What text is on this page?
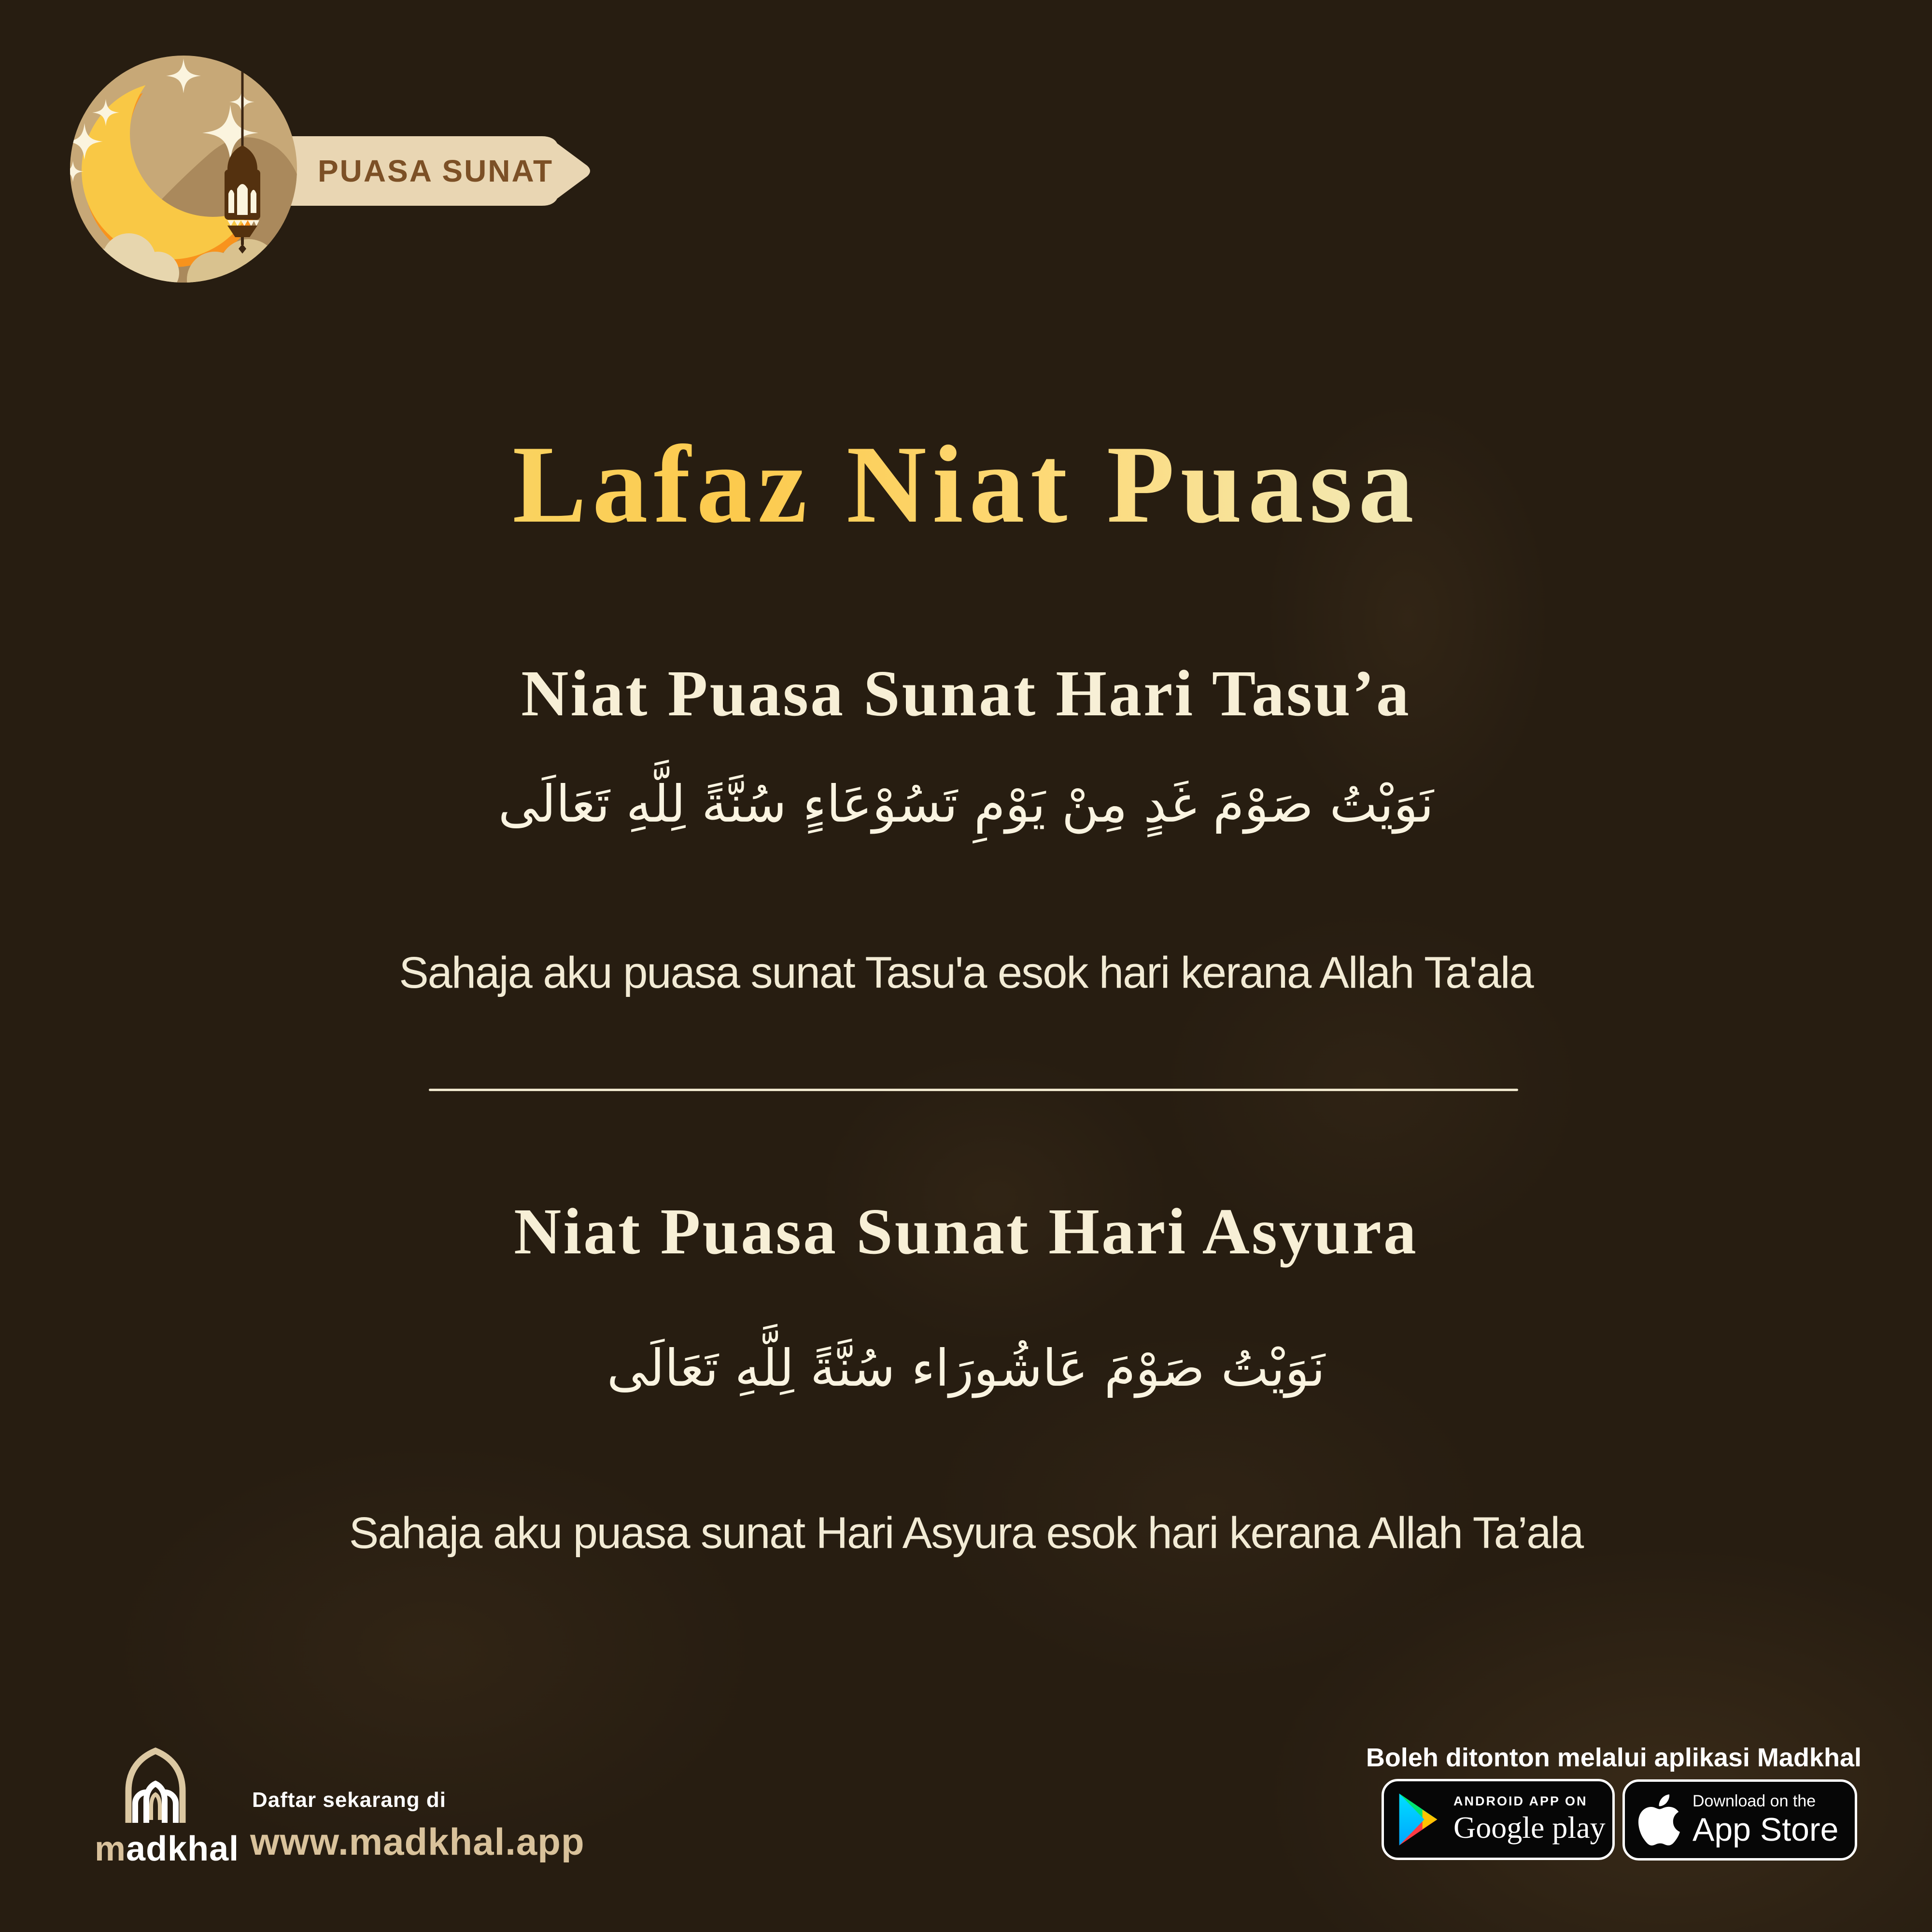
PUASA SUNAT
Lafaz Niat Puasa
Niat Puasa Sunat Hari Tasu’a
نَوَيْتُ صَوْمَ غَدٍ مِنْ يَوْمِ تَسُوْعَاءٍ سُنَّةً لِلَّهِ تَعَالَى
Sahaja aku puasa sunat Tasu'a esok hari kerana Allah Ta'ala
Niat Puasa Sunat Hari Asyura
نَوَيْتُ صَوْمَ عَاشُورَاء سُنَّةً لِلَّهِ تَعَالَى
Sahaja aku puasa sunat Hari Asyura esok hari kerana Allah Ta’ala
madkhal
Daftar sekarang di
www.madkhal.app
Boleh ditonton melalui aplikasi Madkhal
ANDROID APP ON
Google play
Download on the
App Store
